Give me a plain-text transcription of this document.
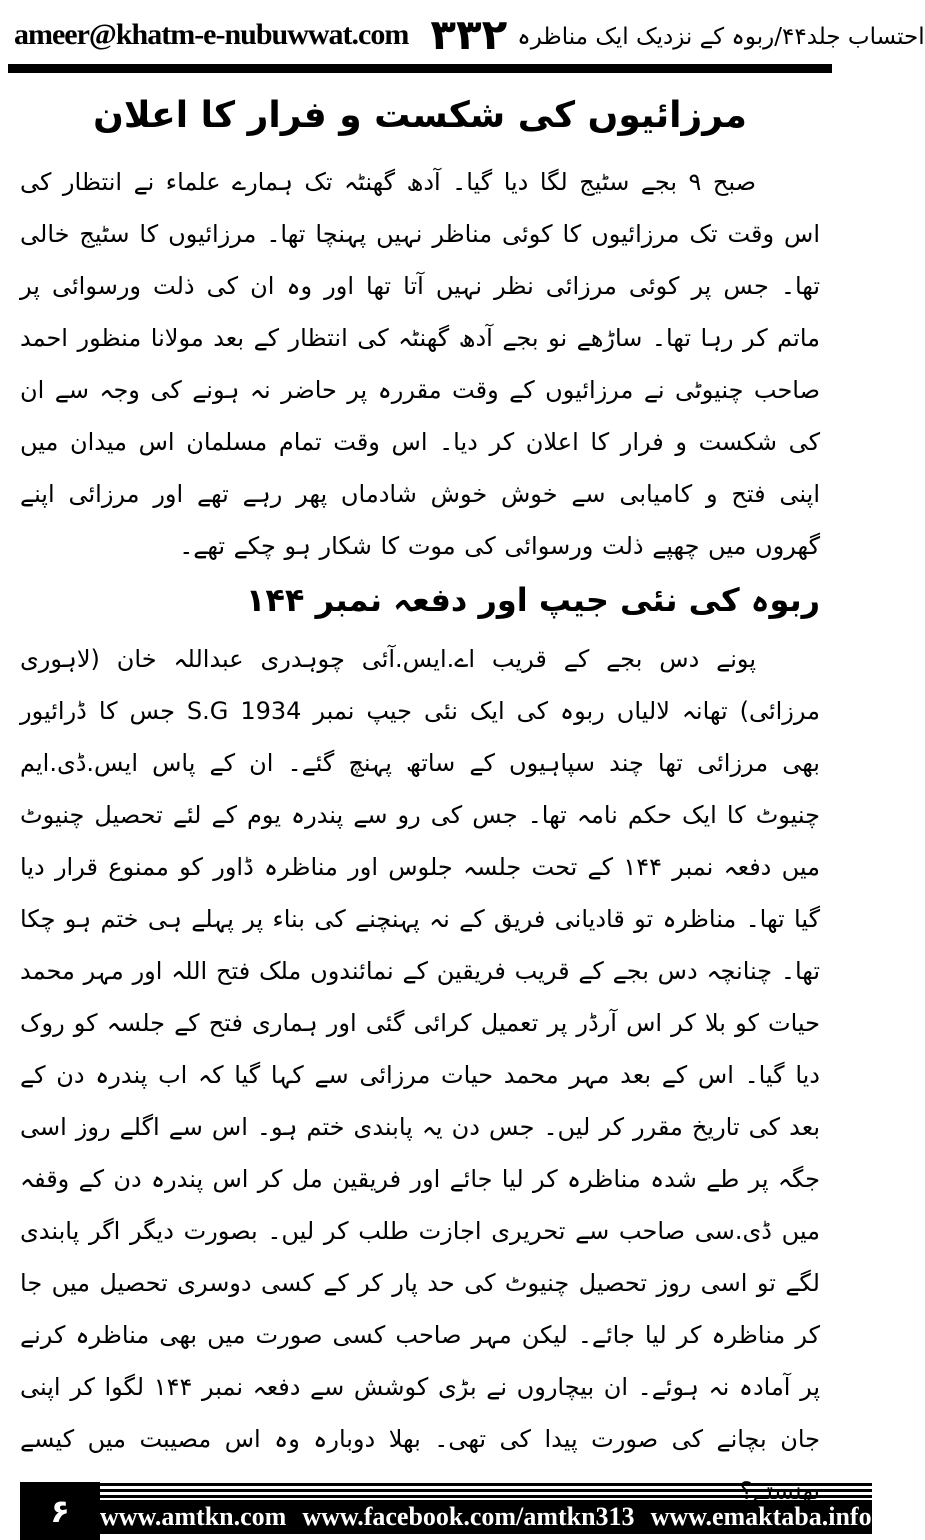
ameer@khatm-e-nubuwwat.com ۳۳۲ احتساب جلد۴۴/ربوہ کے نزدیک ایک مناظرہ
مرزائیوں کی شکست و فرار کا اعلان

صبح ۹ بجے سٹیج لگا دیا گیا۔ آدھ گھنٹہ تک ہمارے علماء نے انتظار کی اس وقت تک مرزائیوں کا کوئی مناظر نہیں پہنچا تھا۔ مرزائیوں کا سٹیج خالی تھا۔ جس پر کوئی مرزائی نظر نہیں آتا تھا اور وہ ان کی ذلت ورسوائی پر ماتم کر رہا تھا۔ ساڑھے نو بجے آدھ گھنٹہ کی انتظار کے بعد مولانا منظور احمد صاحب چنیوٹی نے مرزائیوں کے وقت مقررہ پر حاضر نہ ہونے کی وجہ سے ان کی شکست و فرار کا اعلان کر دیا۔ اس وقت تمام مسلمان اس میدان میں اپنی فتح و کامیابی سے خوش خوش شادماں پھر رہے تھے اور مرزائی اپنے گھروں میں چھپے ذلت ورسوائی کی موت کا شکار ہو چکے تھے۔

ربوہ کی نئی جیپ اور دفعہ نمبر ۱۴۴

پونے دس بجے کے قریب اے.ایس.آئی چوہدری عبداللہ خان (لاہوری مرزائی) تھانہ لالیاں ربوہ کی ایک نئی جیپ نمبر S.G 1934 جس کا ڈرائیور بھی مرزائی تھا چند سپاہیوں کے ساتھ پہنچ گئے۔ ان کے پاس ایس.ڈی.ایم چنیوٹ کا ایک حکم نامہ تھا۔ جس کی رو سے پندرہ یوم کے لئے تحصیل چنیوٹ میں دفعہ نمبر ۱۴۴ کے تحت جلسہ جلوس اور مناظرہ ڈاور کو ممنوع قرار دیا گیا تھا۔ مناظرہ تو قادیانی فریق کے نہ پہنچنے کی بناء پر پہلے ہی ختم ہو چکا تھا۔ چنانچہ دس بجے کے قریب فریقین کے نمائندوں ملک فتح اللہ اور مہر محمد حیات کو بلا کر اس آرڈر پر تعمیل کرائی گئی اور ہماری فتح کے جلسہ کو روک دیا گیا۔ اس کے بعد مہر محمد حیات مرزائی سے کہا گیا کہ اب پندرہ دن کے بعد کی تاریخ مقرر کر لیں۔ جس دن یہ پابندی ختم ہو۔ اس سے اگلے روز اسی جگہ پر طے شدہ مناظرہ کر لیا جائے اور فریقین مل کر اس پندرہ دن کے وقفہ میں ڈی.سی صاحب سے تحریری اجازت طلب کر لیں۔ بصورت دیگر اگر پابندی لگے تو اسی روز تحصیل چنیوٹ کی حد پار کر کے کسی دوسری تحصیل میں جا کر مناظرہ کر لیا جائے۔ لیکن مہر صاحب کسی صورت میں بھی مناظرہ کرنے پر آمادہ نہ ہوئے۔ ان بیچاروں نے بڑی کوشش سے دفعہ نمبر ۱۴۴ لگوا کر اپنی جان بچانے کی صورت پیدا کی تھی۔ بھلا دوبارہ وہ اس مصیبت میں کیسے

۶ www.amtkn.com www.facebook.com/amtkn313 www.emaktaba.info
